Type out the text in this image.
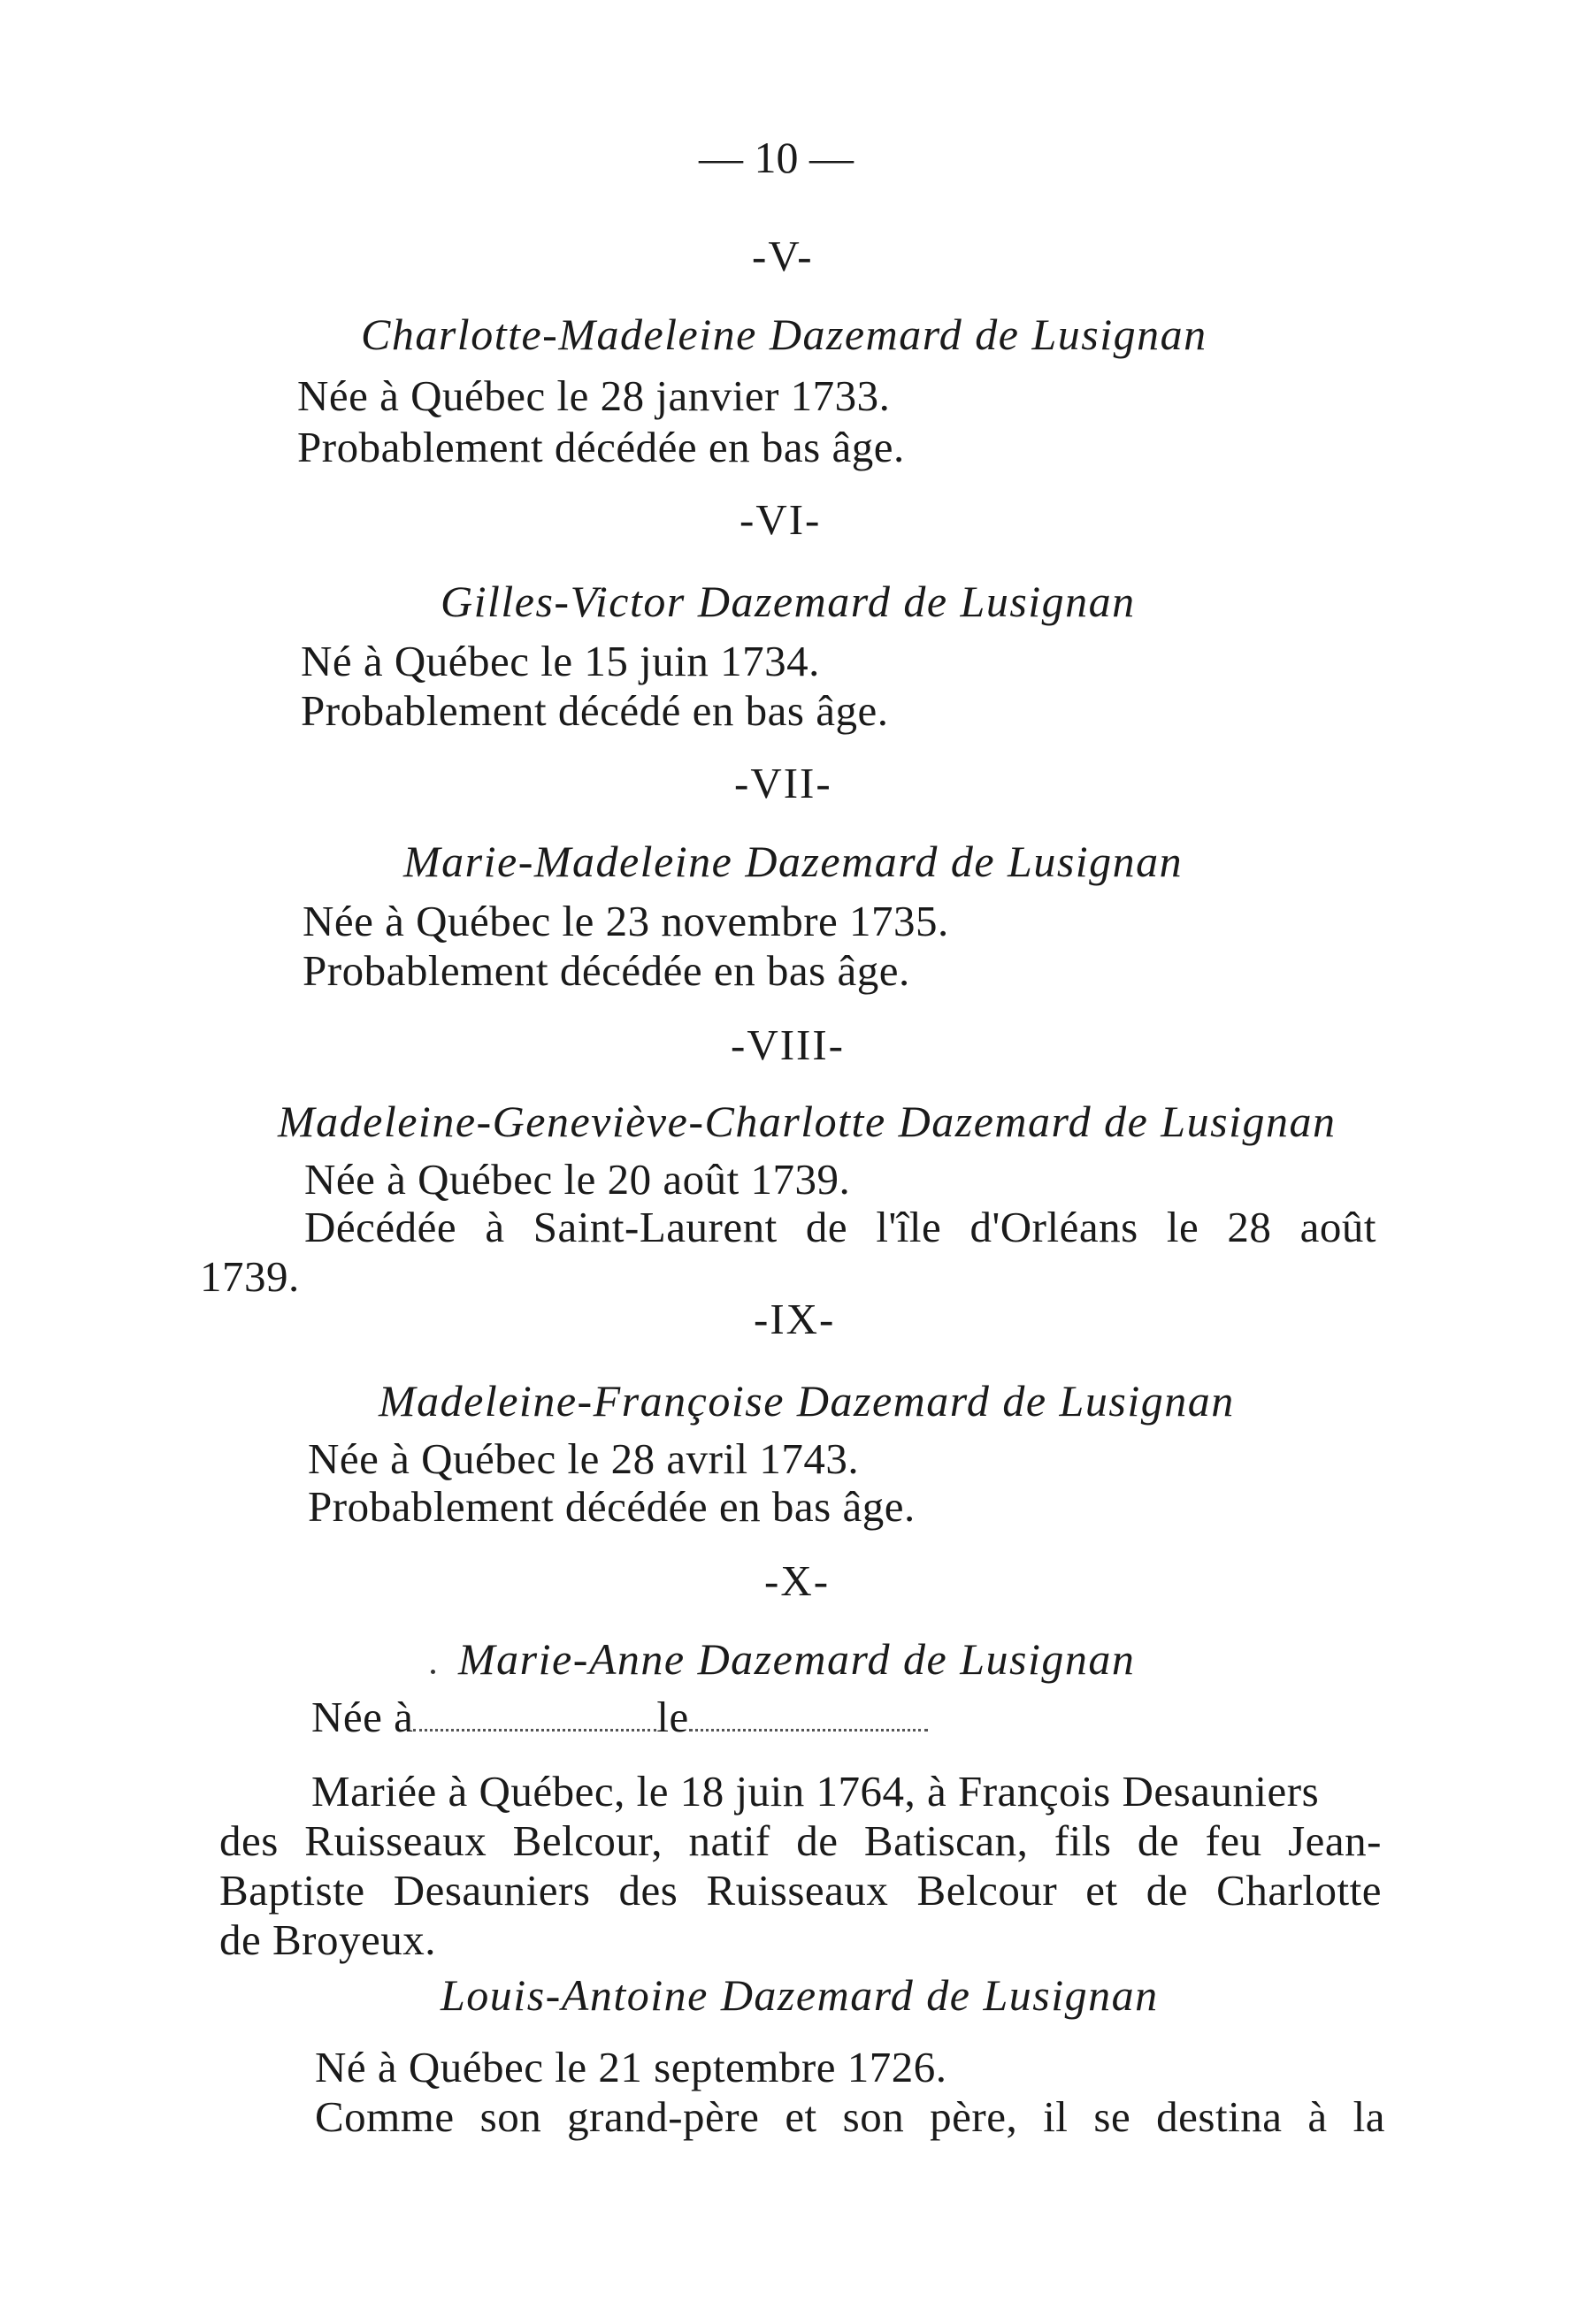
— 10 —
-V-
Charlotte-Madeleine Dazemard de Lusignan
Née à Québec le 28 janvier 1733.
Probablement décédée en bas âge.
-VI-
Gilles-Victor Dazemard de Lusignan
Né à Québec le 15 juin 1734.
Probablement décédé en bas âge.
-VII-
Marie-Madeleine Dazemard de Lusignan
Née à Québec le 23 novembre 1735.
Probablement décédée en bas âge.
-VIII-
Madeleine-Geneviève-Charlotte Dazemard de Lusignan
Née à Québec le 20 août 1739.
Décédée à Saint-Laurent de l'île d'Orléans le 28 août
1739.
-IX-
Madeleine-Françoise Dazemard de Lusignan
Née à Québec le 28 avril 1743.
Probablement décédée en bas âge.
-X-
Marie-Anne Dazemard de Lusignan
Née à	le
Mariée à Québec, le 18 juin 1764, à François Desauniers
des Ruisseaux Belcour, natif de Batiscan, fils de feu Jean-
Baptiste Desauniers des Ruisseaux Belcour et de Charlotte
de Broyeux.
Louis-Antoine Dazemard de Lusignan
Né à Québec le 21 septembre 1726.
Comme son grand-père et son père, il se destina à la
